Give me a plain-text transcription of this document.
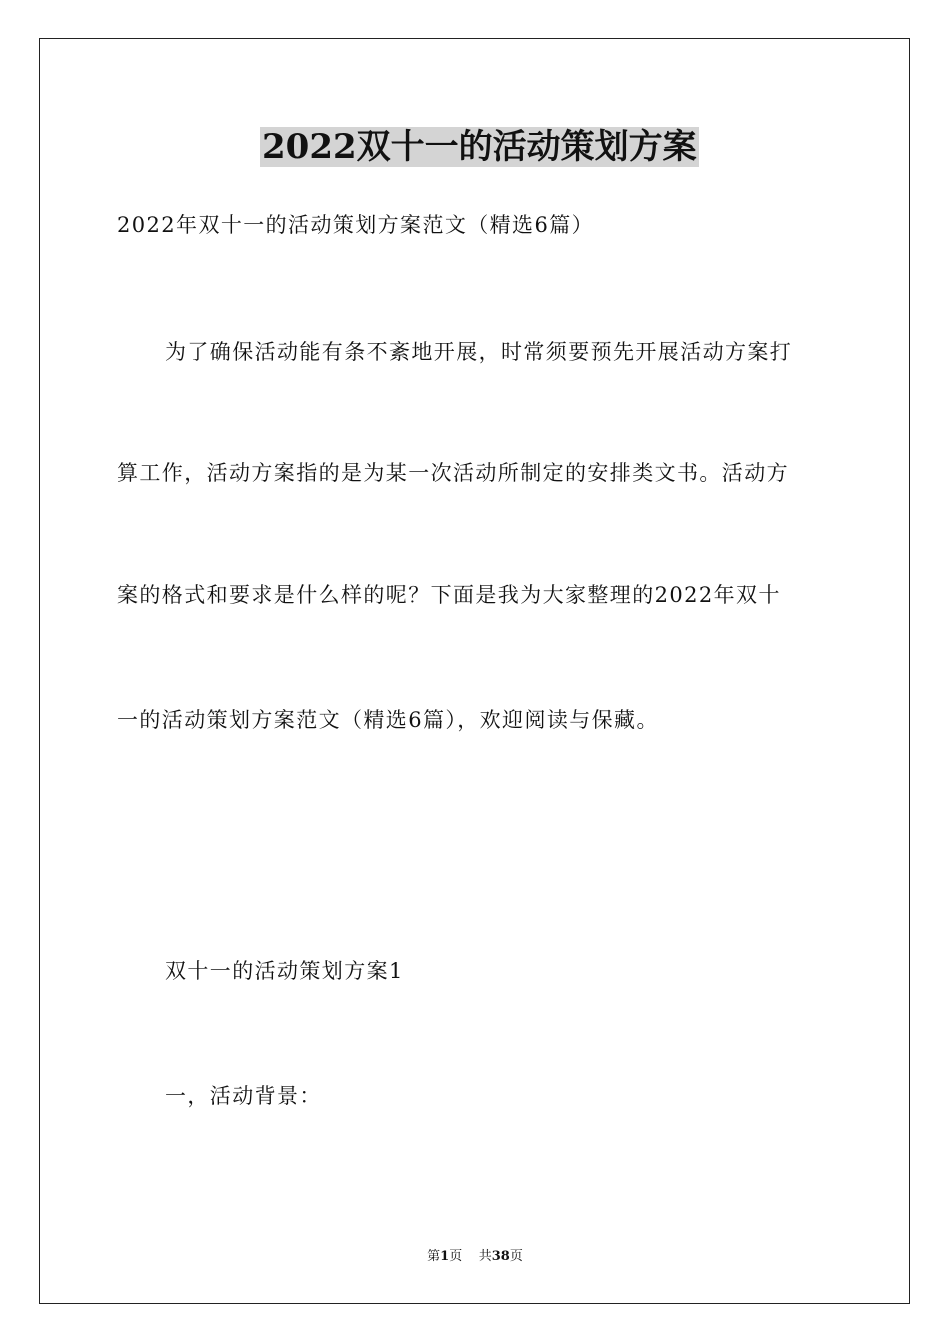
2022双十一的活动策划方案
2022年双十一的活动策划方案范文（精选6篇）
为了确保活动能有条不紊地开展，时常须要预先开展活动方案打
算工作，活动方案指的是为某一次活动所制定的安排类文书。活动方
案的格式和要求是什么样的呢？下面是我为大家整理的2022年双十
一的活动策划方案范文（精选6篇），欢迎阅读与保藏。
双十一的活动策划方案1
一，活动背景：
第1页 共38页
